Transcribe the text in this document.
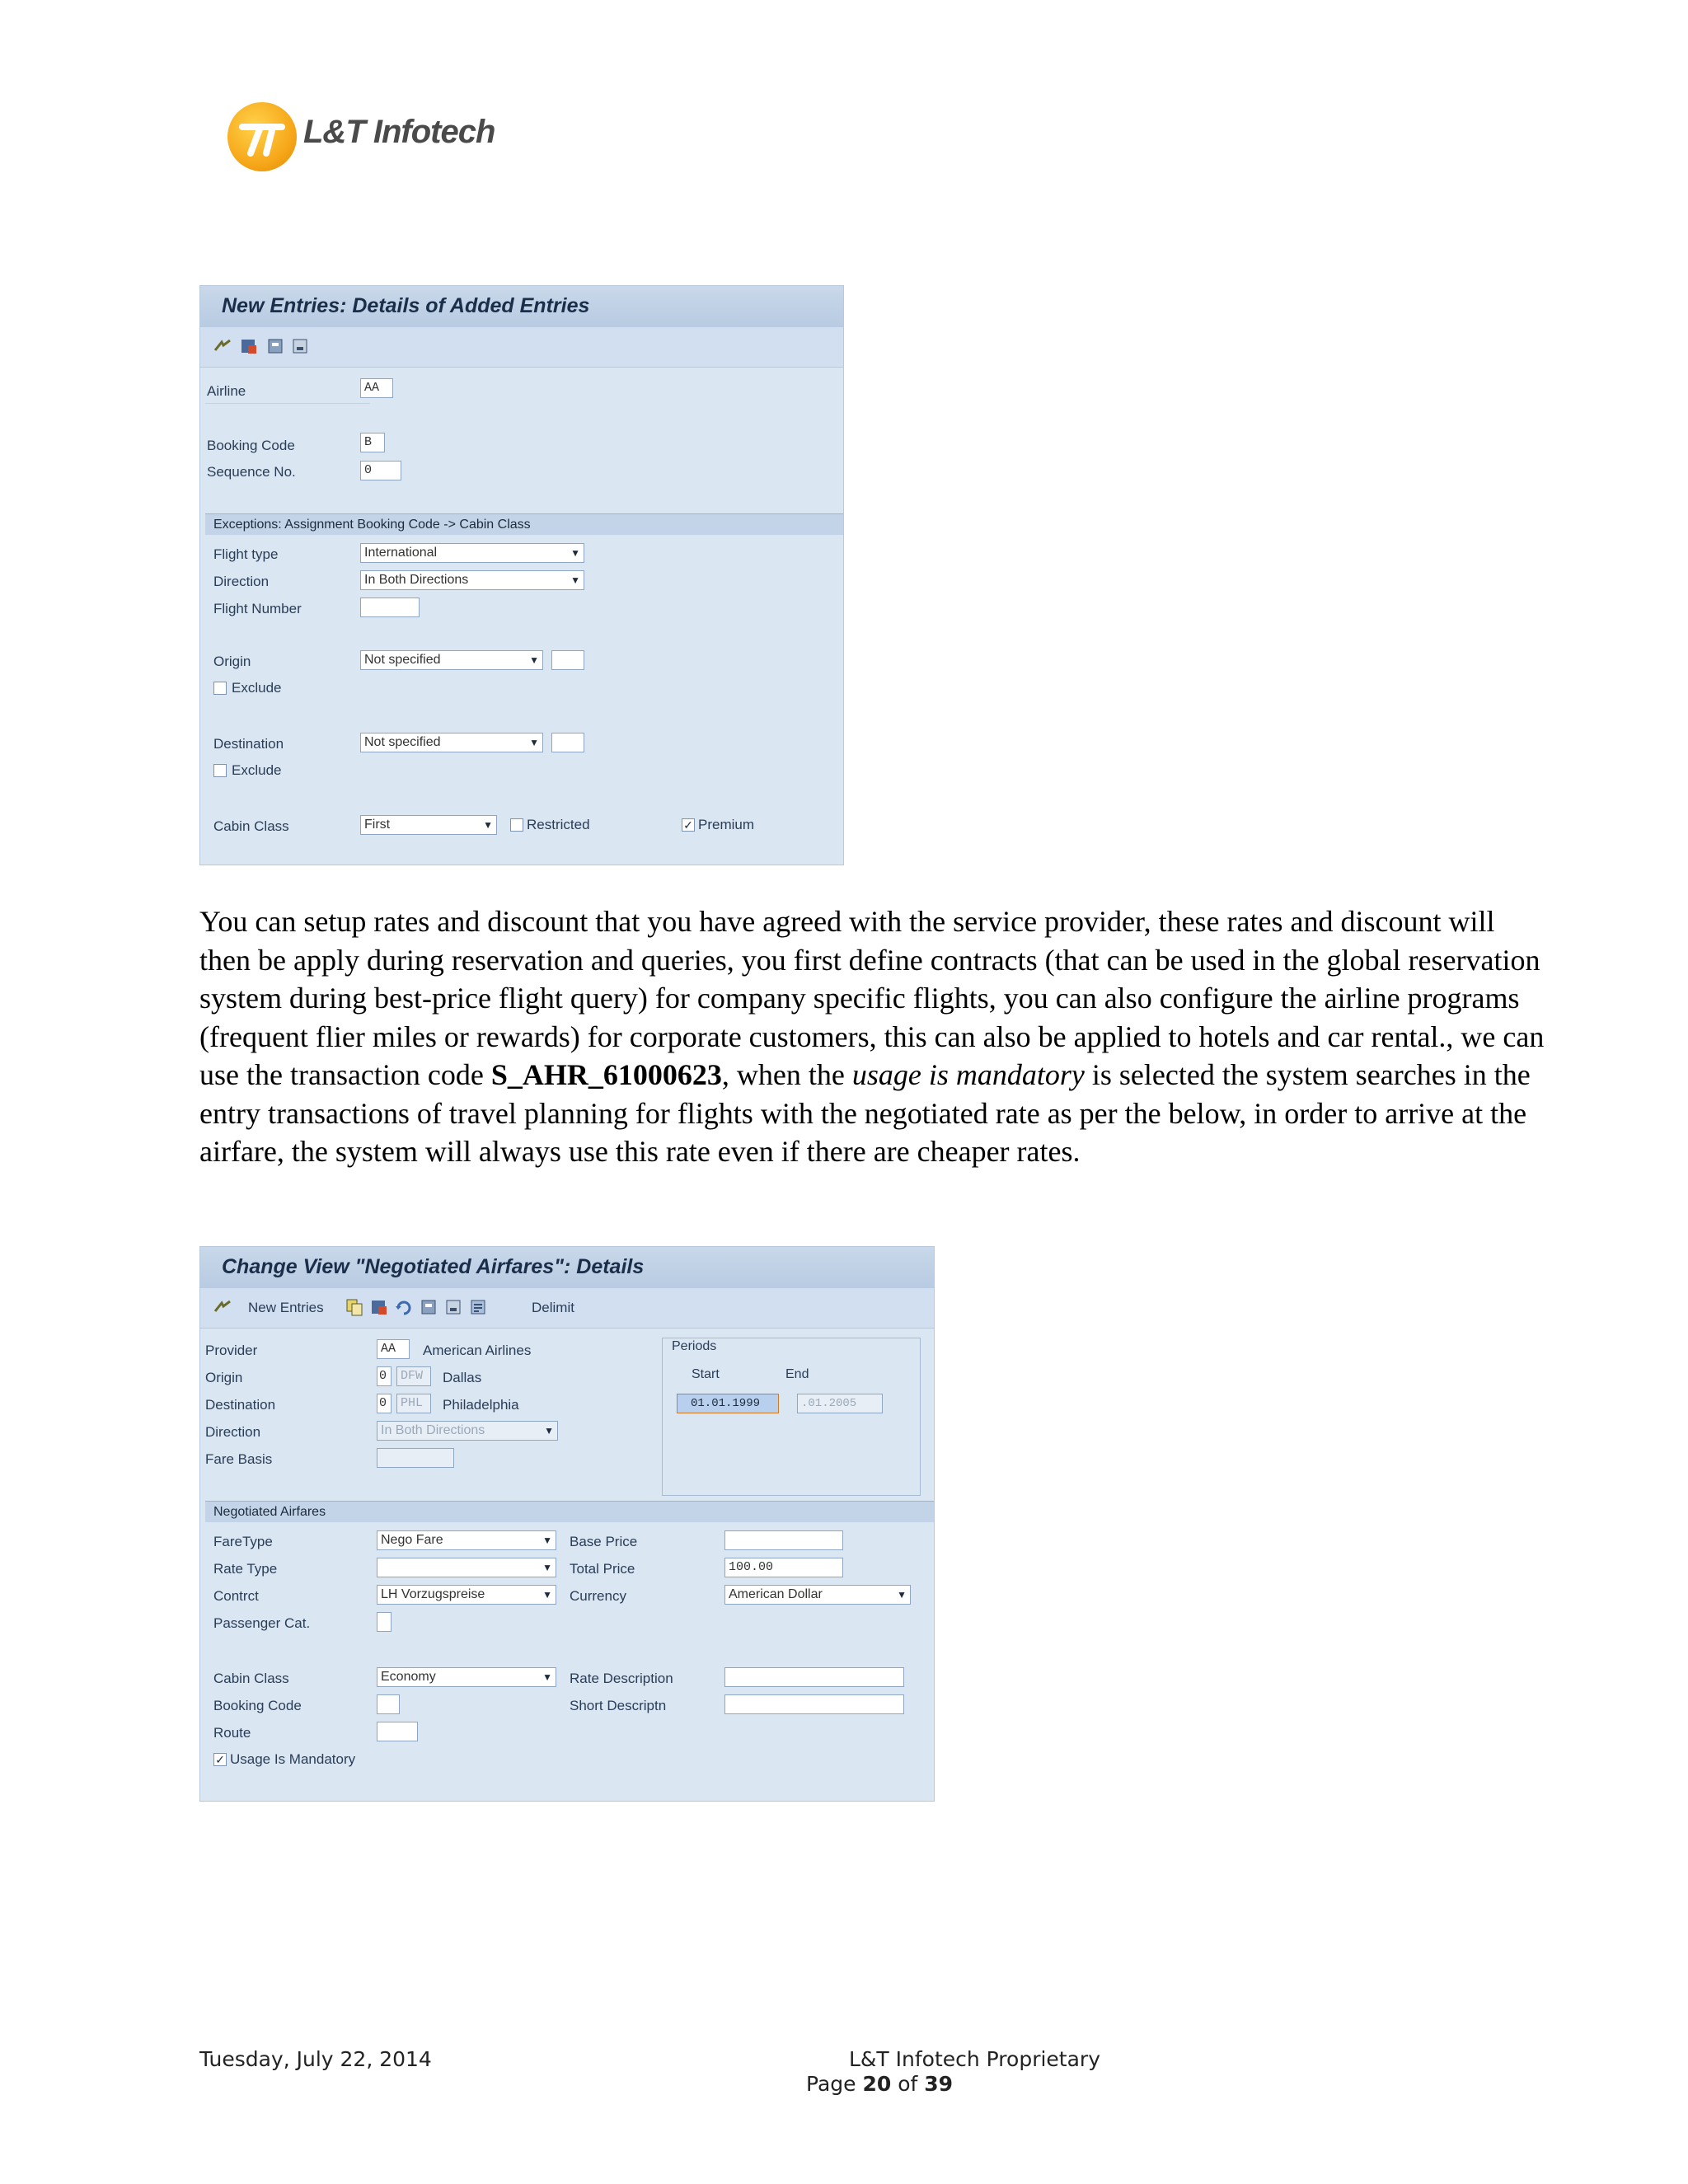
L&T Infotech
New Entries: Details of Added Entries
Airline	AA
Booking Code	B
Sequence No.	0
Exceptions: Assignment Booking Code -> Cabin Class
Flight type	International	▼
Direction	In Both Directions	▼
Flight Number
Origin	Not specified	▼
Exclude
Destination	Not specified	▼
Exclude
Cabin Class	First	▼ Restricted	✓ Premium
You can setup rates and discount that you have agreed with the service provider, these rates and discount will then be apply during reservation and queries, you first define contracts (that can be used in the global reservation system during best-price flight query) for company specific flights, you can also configure the airline programs (frequent flier miles or rewards) for corporate customers, this can also be applied to hotels and car rental., we can use the transaction code S_AHR_61000623, when the usage is mandatory is selected the system searches in the entry transactions of travel planning for flights with the negotiated rate as per the below, in order to arrive at the airfare, the system will always use this rate even if there are cheaper rates.
Change View "Negotiated Airfares": Details
New Entries	Delimit
Provider	AA	American Airlines
Origin	0	DFW	Dallas
Destination	0	PHL	Philadelphia
Direction	In Both Directions	▼
Fare Basis
Periods
Start	End
01.01.1999	.01.2005
Negotiated Airfares
FareType	Nego Fare	▼
Rate Type	▼
Contrct	LH Vorzugspreise	▼
Passenger Cat.
Base Price
Total Price	100.00
Currency	American Dollar	▼
Cabin Class	Economy	▼
Booking Code
Route
✓ Usage Is Mandatory
Rate Description
Short Descriptn
Tuesday, July 22, 2014	L&T Infotech Proprietary
Page 20 of 39
